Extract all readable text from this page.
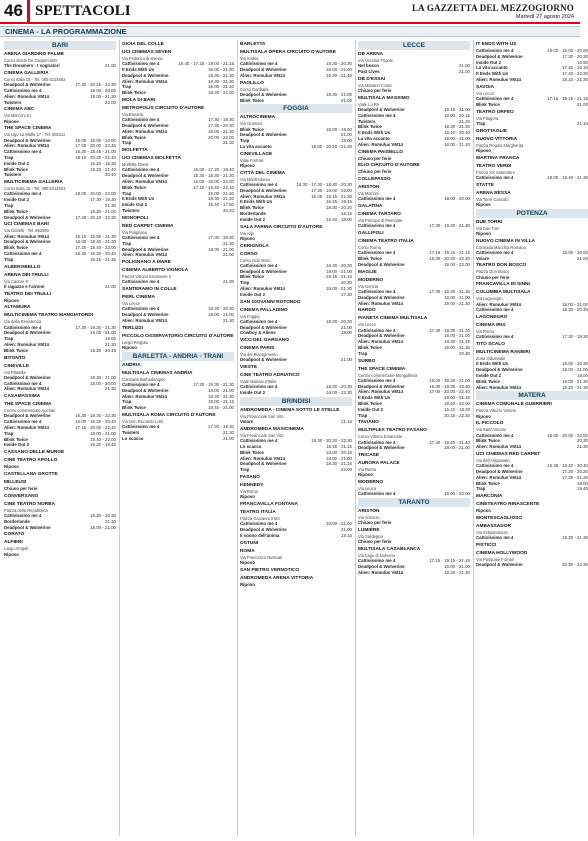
46 SPETTACOLI	LA GAZZETTA DEL MEZZOGIORNO
Martedì 27 agosto 2024
CINEMA - LA PROGRAMMAZIONE
BARI
ARENA GIARDINO PALME
Corso Alcide De Gasperi 500
The Dreamers - I sognatori	21.00
CINEMA GALLERIA
Corso Italia 15 - Tel. 080.5214563
Deadpool & Wolverine	17.30 - 20.15 - 22.30
Cattivissimo me 4	18.00 - 20.00
Alien: Romulus VM14	19.00 - 21.30
Twisters	22.00
CINEMA ABC
Via Marconi 61
Ripose
THE SPACE CINEMA
Via Ugo La Malfa 17 - Tel. 892111
Deadpool & Wolverine	16.00 - 19.00 - 22.00
Alien: Romulus VM14	17.00 - 20.00 - 22.45
Cattivissimo me 4	16.30 - 18.45 - 21.00
Trap	18.10 - 20.30 - 22.40
Inside Out 2	16.20 - 18.30
Blink Twice	19.20 - 21.40
Twisters	20.40
MULTICINEMA GALLERIA
Corso Italia 15 - Tel. 080.5214563
Cattivissimo me 4	18.00 - 20.00 - 22.00
Inside Out 2	17.30 - 19.30
Trap	21.30
Blink Twice	18.30 - 21.00
Deadpool & Wolverine	17.40 - 20.10 - 22.30
UCI CINEMAS BARI
Via Gobetti - Tel. 892960
Alien: Romulus VM14	16.10 - 18.50 - 21.30
Deadpool & Wolverine	16.00 - 18.40 - 21.20
Blink Twice	17.20 - 19.40 - 22.00
Cattivissimo me 4	16.30 - 18.30 - 20.40
Trap	19.15 - 21.45
ALBEROBELLO
ARENA DEI TRULLI
Via Cadore 9
Il ragazzo e l'airone	21.00
TEATRO DEI TRULLI
Riposo
ALTAMURA
MULTICINEMA TEATRO MANGIATORDI
Via della Resistenza
Cattivissimo me 4	17.30 - 19.30 - 21.30
Deadpool & Wolverine	18.00 - 21.00
Trap	19.00
Alien: Romulus VM14	21.30
Blink Twice	18.30 - 20.45
BITONTO
CINEVILLE
Via Planella
Deadpool & Wolverine	18.30 - 21.00
Cattivissimo me 4	18.00 - 20.00
Alien: Romulus VM14	21.30
CASAMASSIMA
THE SPACE CINEMA
Centro commerciale Auchan
Deadpool & Wolverine	16.30 - 19.30 - 22.30
Cattivissimo me 4	16.00 - 18.20 - 20.40
Alien: Romulus VM14	17.15 - 20.00 - 22.40
Trap	18.00 - 21.00
Blink Twice	19.40 - 22.00
Inside Out 2	16.20 - 18.40
CASSANO DELLE MURGE
CINE TEATRO APOLLO
Riposo
CASTELLANA GROTTE
MILLEUSI
Chiuso per ferie
CONVERSANO
CINE TEATRO NORBA
Piazza della Repubblica
Cattivissimo me 4	18.30 - 20.30
Borderlands	21.30
Deadpool & Wolverine	18.00 - 21.00
CORATO
ALFIERI
Largo Arngoli
Riposo
GIOIA DEL COLLE
UCI CINEMAS SEVEN
Via Federico di Svevia
Cattivissimo me 4	16.45 - 17.15 - 19.00 - 21.15
It Ends With Us	18.00 - 21.00
Deadpool & Wolverine	18.30 - 21.30
Alien: Romulus VM14	18.30 - 21.30
Trap	19.00 - 21.40
Blink Twice	19.30 - 22.00
MOLA DI BARI
METROPOLIS CIRCUITO D'AUTORE
Via Bonaria
Cattivissimo me 4	17.30 - 19.30
Deadpool & Wolverine	17.30 - 20.30
Alien: Romulus VM14	19.00 - 21.30
Blink Twice	20.00 - 22.00
Trap	21.30
MOLFETTA
UCI CINEMAS MOLFETTA
Molfetta Ovest
Cattivissimo me 4	15.00 - 17.20 - 19.40
Deadpool & Wolverine	15.30 - 18.30 - 21.30
Alien: Romulus VM14	16.00 - 19.00 - 22.00
Blink Twice	17.10 - 19.40 - 22.10
Trap	19.00 - 21.40
It Ends With Us	18.30 - 21.20
Inside Out 2	15.40 - 17.50
Twisters	20.20
MONOPOLI
RED CARPET CINEMA
Via Polignano
Cattivissimo me 4	17.30 - 19.30
Trap	21.30
Deadpool & Wolverine	18.00 - 21.00
Alien: Romulus VM14	21.00
POLIGNANO A MARE
CINEMA ALBERTO VIGNOLA
Piazza Vittorio Emanuele II
Cattivissimo me 4	21.00
SANTERAMO IN COLLE
PERL CINEMA
Via Lecce
Cattivissimo me 4	18.30 - 20.30
Deadpool & Wolverine	18.00 - 21.00
Alien: Romulus VM14	21.30
TERLIZZI
PICCOLO OSSERVATORIO CIRCUITO D'AUTORE
Largo Pergola
Riposo
BARLETTA - ANDRIA - TRANI
ANDRIA
MULTISALA CINEMAS ANDRIA
Contrada Barbadangelo
Cattivissimo me 4	17.30 - 19.30 - 21.30
Deadpool & Wolverine	18.00 - 21.00
Alien: Romulus VM14	18.30 - 21.30
Trap	19.00 - 21.15
Blink Twice	18.45 - 21.00
MULTISALA ROMA CIRCUITO D'AUTORE
Via Don Riccardo Lotti
Cattivissimo me 4	17.30 - 19.30
Twisters	21.30
Lo scacco	21.00
BARLETTA
MULTISALA OPERA CIRCUITO D'AUTORE
Via Andria
Cattivissimo me 4	18.30 - 20.30
Deadpool & Wolverine	18.00 - 21.00
Alien: Romulus VM14	19.30 - 21.45
PAOLILLO
Corso Garibaldi
Deadpool & Wolverine	18.30 - 21.00
Blink Twice	21.00
FOGGIA
ALTROCINEMA
Via Gramsci
Blink Twice	18.00 - 19.50
Deadpool & Wolverine	21.00
Trap	18.00
La vita accanto	18.00 - 20.10 - 21.30
CINEVILLAGE
Viale Fortore
Riposo
CITTÀ DEL CINEMA
Via Manfredonia
Cattivissimo me 4	16.30 - 17.30 - 18.30 - 20.30
Deadpool & Wolverine	17.30 - 19.00 - 22.00
Alien: Romulus VM14	16.45 - 19.15 - 21.30
It Ends With Us	16.45 - 19.45
Blink Twice	18.30 - 20.20
Borderlands	18.15
Inside Out 2	16.40 - 18.00
SALA FARINA CIRCUITO D'AUTORE
Via Arpi
Riposo
CERIGNOLA
CORSO
Corso Aldo Moro
Cattivissimo me 4	18.30 - 20.30
Deadpool & Wolverine	18.00 - 21.00
Blink Twice	19.15 - 21.15
Trap	20.30
Alien: Romulus VM14	18.00 - 21.30
Inside Out 2	17.30
SAN GIOVANNI ROTONDO
CINEMA PALLADINO
Via Foggia
Cattivissimo me 4	18.30 - 20.30
Deadpool & Wolverine	21.00
Cowboy & Aliens	19.00
VICO DEL GARGANO
CINEMA PARIS
Via del Risorgimento
Deadpool & Wolverine	21.00
VIESTE
CINE TEATRO ADRIATICO
Viale Marinai d'Italia
Cattivissimo me 4	18.30 - 20.30
Inside Out 2	18.00 - 22.30
BRINDISI
ANDROMEDA - CINEMA SOTTO LE STELLE
Via Provinciale San Vito
Volare	21.15
ANDROMEDA MAXICINEMA
Via Provinciale San Vito
Cattivissimo me 4	18.30 - 20.30 - 22.30
Lo scacco	18.45 - 21.15
Blink Twice	18.00 - 20.15
Alien: Romulus VM14	18.00 - 21.00
Deadpool & Wolverine	18.30 - 21.15
Trap	22.00
FASANO
KENNEDY
Via Roma
Riposo
FRANCAVILLA FONTANA
TEATRO ITALIA
Piazza Giovanni XXIII
Cattivissimo me 4	19.00 - 21.00
Deadpool & Wolverine	21.00
Il sonno dell'anima	19.15
OSTUNI
ROMA
Via Francesco Nutricati
Riposo
SAN PIETRO VERNOTICO
ANDROMEDA ARENA VITTORIA
Riposo
LECCE
DB ARENA
Via Vecchia Frigole
Nel bosco	21.00
Past Lives	21.00
DB D'ESSAI
Via Mariano Costa
Chiuso per ferie
MULTISALA MASSIMO
Viale Lo Re
Deadpool & Wolverine	18.15 - 21.00
Cattivissimo me 4	18.00 - 20.15
Twisters	21.20
Blink Twice	18.30 - 21.30
It Ends With Us	18.10 - 20.40
La vita accanto	19.00 - 21.00
Alien: Romulus VM14	18.00 - 21.10
CINEMA PAISIELLO
Chiuso per ferie
ELIO CIRCUITO D'AUTORE
Chiuso per ferie
COLLEPASSO
ARISTON
Via Mazzini
Cattivissimo me 4	18.00 - 20.00
GALATINA
CINEMA TARTARO
Via Principe di Piemonte
Cattivissimo me 4	17.30 - 19.30 - 21.30
GALLIPOLI
CINEMA TEATRO ITALIA
Corso Roma
Cattivissimo me 4	17.15 - 19.15 - 21.15
Blink Twice	18.30 - 20.30 - 22.30
Deadpool & Wolverine	19.00 - 22.00
MAGLIE
MODERNO
Via Gorizia
Cattivissimo me 4	17.30 - 19.30 - 21.30
Deadpool & Wolverine	18.00 - 21.00
Alien: Romulus VM14	19.00 - 21.30
NARDÒ
PIANETA CINEMA MULTISALA
Via Lecce
Cattivissimo me 4	17.30 - 19.30 - 21.30
Deadpool & Wolverine	18.00 - 21.00
Alien: Romulus VM14	18.30 - 21.15
Blink Twice	19.00 - 21.30
Trap	20.30
SURBO
THE SPACE CINEMA
Centro commerciale Mongolfiera
Cattivissimo me 4	16.00 - 18.30 - 21.00
Deadpool & Wolverine	16.30 - 19.30 - 22.30
Alien: Romulus VM14	17.00 - 20.00 - 22.40
It Ends With Us	18.00 - 21.15
Blink Twice	19.40 - 22.00
Inside Out 2	16.10 - 18.20
Trap	20.15 - 22.30
TAVIANO
MULTIPLEX TEATRO FASANO
Corso Vittorio Emanuele
Cattivissimo me 4	17.40 - 19.40 - 21.40
Deadpool & Wolverine	18.00 - 21.00
TRICASE
AURORA PALACE
Via Roma
Riposo
MODERNO
Via Leuca
Cattivissimo me 4	18.00 - 20.00
TARANTO
ARISTON
Via Abruzzo
Chiuso per ferie
LUMIÈRE
Via Sardegna
Chiuso per ferie
MULTISALA CASABLANCA
Via Lago di Molveno
Cattivissimo me 4	17.15 - 19.15 - 21.15
Deadpool & Wolverine	18.00 - 21.00
Alien: Romulus VM14	18.30 - 21.30
IT ENDS WITH US
Cattivissimo me 4	16.00 - 18.00 - 20.00
Deadpool & Wolverine	17.30 - 20.30
Inside Out 2	16.50
La vita accanto	17.40 - 20.10
It Ends With Us	17.40 - 22.20
Alien: Romulus VM14	18.10 - 21.30
SAVOIA
Via Lecce
Cattivissimo me 4	17.15 - 19.15 - 21.15
Blink Twice	21.00
TEATRO ORFEO
Via Pitagora
Trap	21.15
GROTTAGLIE
NUOVO VITTORIA
Piazza Regina Margherita
Riposo
MARTINA FRANCA
TEATRO VERDI
Piazza XX Settembre
Cattivissimo me 4	18.00 - 19.45 - 21.30
STATTE
ARENA RESSA
Via Torre Caricato
Ripose
POTENZA
DUE TORRI
Via Due Torri
Riposo
NUOVO CINEMA IN VILLA
Contrada Macchia Romana
Cattivissimo me 4	18.00 - 20.00
Volare	21.00
TEATRO DON BOSCO
Piazza Don Bosco
Chiuso per ferie
FRANCAVILLA IN SINNI
COLUMBIA MULTISALA
Via Lagonegro
Alien: Romulus VM14	18.00 - 21.00
Cattivissimo me 4	18.30 - 20.30
LAGONEGRO
CINEMA IRIS
Via Roma
Cattivissimo me 4	17.30 - 19.30
TITO SCALO
MULTICINEMA RANIERI
Zona Industriale
It Ends With Us	18.00 - 20.30
Deadpool & Wolverine	18.00 - 21.00
Inside Out 2	18.00
Blink Twice	19.00 - 21.30
Alien: Romulus VM14	18.30 - 21.30
MATERA
CINEMA COMUNALE GUERRIERI
Piazza Vittorio Veneto
Riposo
IL PICCOLO
Via Sant'Antonio
Cattivissimo me 4	18.00 - 20.00 - 22.00
Blink Twice	20.30
Alien: Romulus VM14	21.30
UCI CINEMAS RED CARPET
Via dell'Artigianato
Cattivissimo me 4	16.45 - 18.40 - 20.40
Deadpool & Wolverine	17.20 - 20.20
Alien: Romulus VM14	17.30 - 21.20
Blink Twice	19.00
Trap	19.45
MARCONIA
CINETEATRO RINASCENTE
Riposo
MONTESCAGLIOSO
AMBASSADOR
Via Indipendenza
Cattivissimo me 4	19.30 - 21.30
PISTICCI
CINEMA HOLLYWOOD
Via Pasquale Fornari
Deadpool & Wolverine	20.30 - 22.30
